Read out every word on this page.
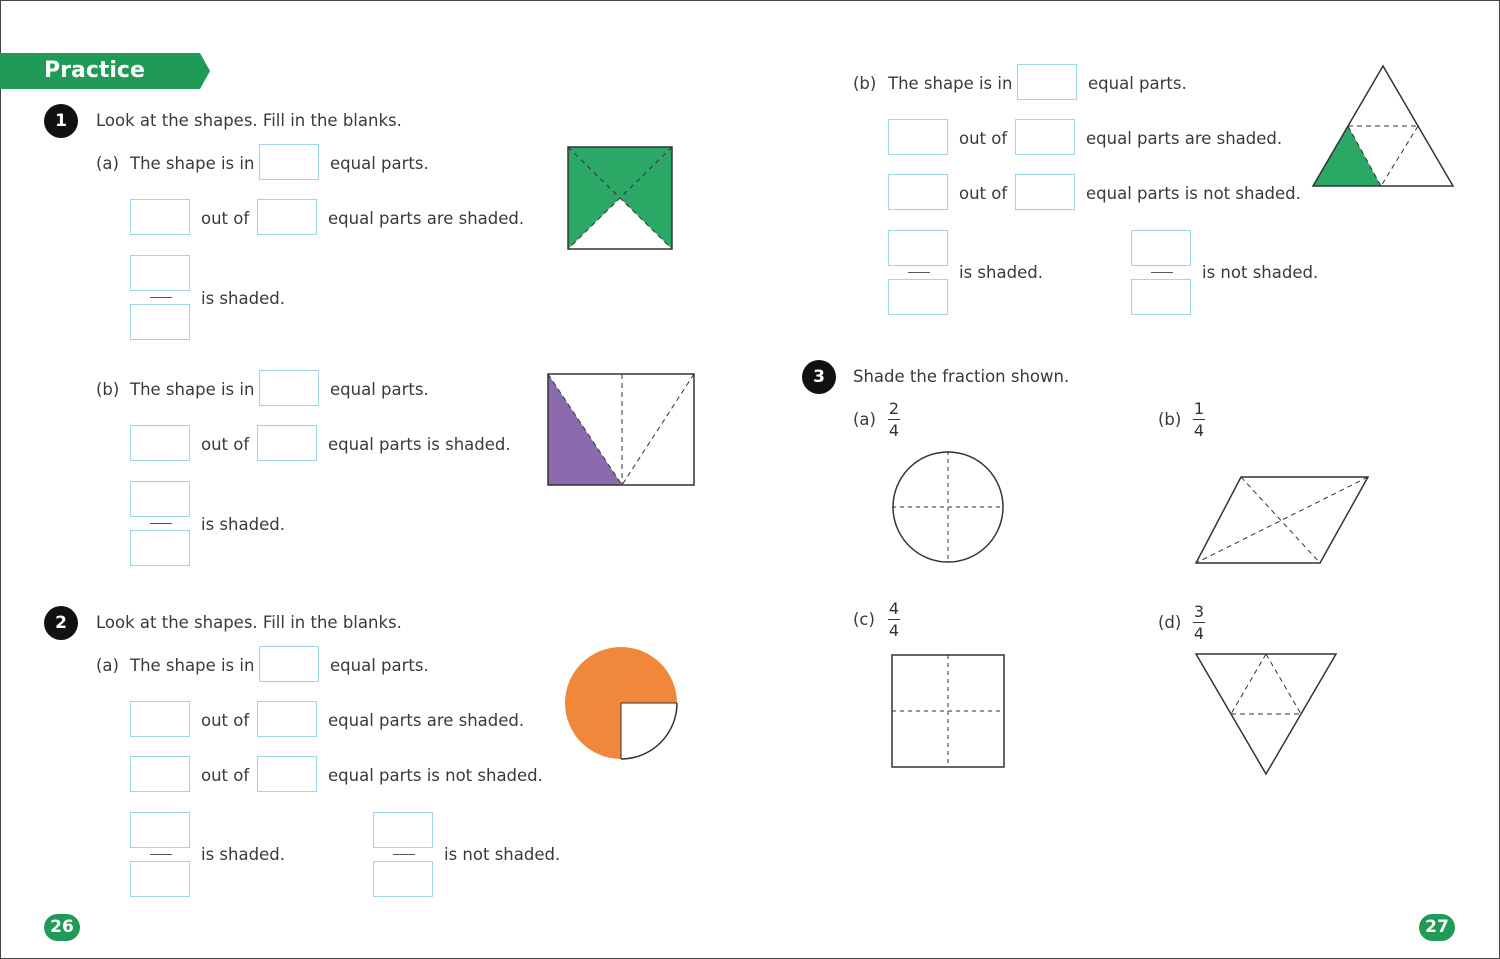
Practice
1	Look at the shapes. Fill in the blanks.
(a) The shape is in	equal parts.
out of	equal parts are shaded.
is shaded.
(b) The shape is in	equal parts.
out of	equal parts is shaded.
is shaded.
2	Look at the shapes. Fill in the blanks.
(a) The shape is in	equal parts.
out of	equal parts are shaded.
out of	equal parts is not shaded.
is shaded.	is not shaded.
(b) The shape is in	equal parts.
out of	equal parts are shaded.
out of	equal parts is not shaded.
is shaded.	is not shaded.
3	Shade the fraction shown.
(a)
2
4
(b)
1
4
(c)
4
4	(d)
3
4
26	27
